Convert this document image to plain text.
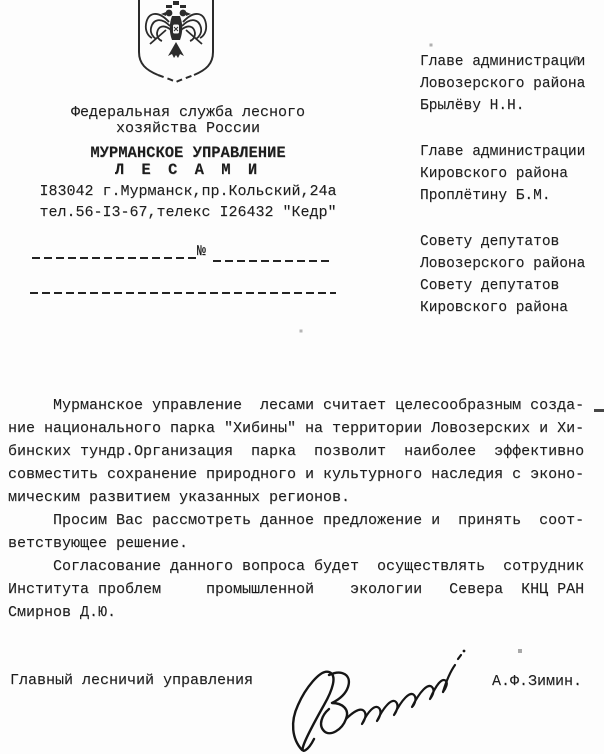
Федеральная служба лесного
хозяйства России
МУРМАНСКОЕ УПРАВЛЕНИЕ
Л Е С А М И
I83042 г.Мурманск,пр.Кольский,24а
тел.56-I3-67,телекс I26432 "Кедр"
№
Главе администрации
Ловозерского района
Брылёву Н.Н.
Главе администрации
Кировского района
Проплётину Б.М.
Совету депутатов
Ловозерского района
Совету депутатов
Кировского района
Мурманское управление  лесами считает целесообразным созда-
ние национального парка "Хибины" на территории Ловозерских и Хи-
бинских тундр.Организация  парка  позволит  наиболее  эффективно
совместить сохранение природного и культурного наследия с эконо-
мическим развитием указанных регионов.
Просим Вас рассмотреть данное предложение и  принять  соот-
ветствующее решение.
Согласование данного вопроса будет  осуществлять  сотрудник
Института проблем     промышленной    экологии   Севера  КНЦ РАН
Смирнов Д.Ю.
Главный лесничий управления	А.Ф.Зимин.
